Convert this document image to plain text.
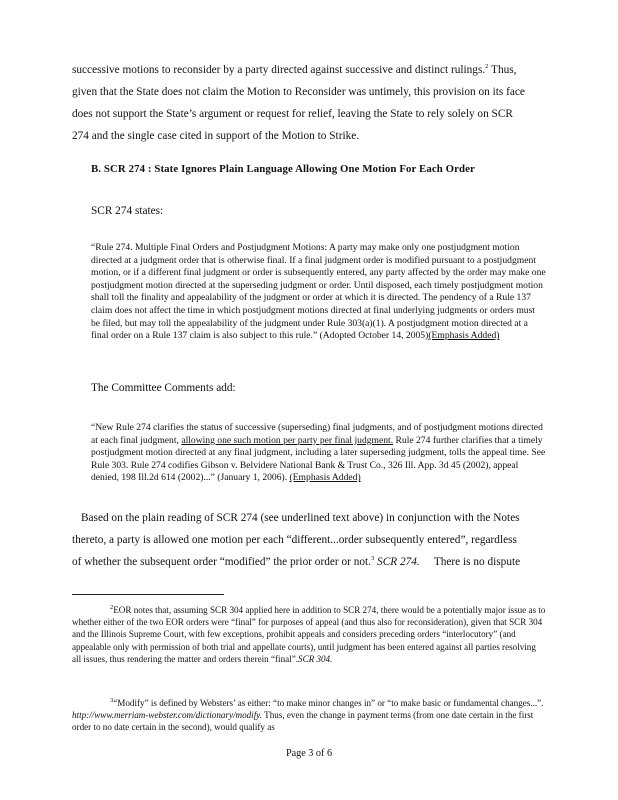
successive motions to reconsider by a party directed against successive and distinct rulings.$^2$ Thus,

given that the State does not claim the Motion to Reconsider was untimely, this provision on its face

does not support the State’s argument or request for relief, leaving the State to rely solely on SCR

274 and the single case cited in support of the Motion to Strike.

B. SCR 274 : State Ignores Plain Language Allowing One Motion For Each Order

SCR 274 states:

“Rule 274. Multiple Final Orders and Postjudgment Motions: A party may make only one postjudgment motion directed at a judgment order that is otherwise final. If a final judgment order is modified pursuant to a postjudgment motion, or if a different final judgment or order is subsequently entered, any party affected by the order may make one postjudgment motion directed at the superseding judgment or order. Until disposed, each timely postjudgment motion shall toll the finality and appealability of the judgment or order at which it is directed. The pendency of a Rule 137 claim does not affect the time in which postjudgment motions directed at final underlying judgments or orders must be filed, but may toll the appealability of the judgment under Rule 303(a)(1). A postjudgment motion directed at a final order on a Rule 137 claim is also subject to this rule.” (Adopted October 14, 2005)(Emphasis Added)

The Committee Comments add:

“New Rule 274 clarifies the status of successive (superseding) final judgments, and of postjudgment motions directed at each final judgment, allowing one such motion per party per final judgment. Rule 274 further clarifies that a timely postjudgment motion directed at any final judgment, including a later superseding judgment, tolls the appeal time. See Rule 303. Rule 274 codifies Gibson v. Belvidere National Bank & Trust Co., 326 Ill. App. 3d 45 (2002), appeal denied, 198 Ill.2d 614 (2002)...” (January 1, 2006). (Emphasis Added)

Based on the plain reading of SCR 274 (see underlined text above) in conjunction with the Notes

thereto, a party is allowed one motion per each “different...order subsequently entered”, regardless

of whether the subsequent order “modified” the prior order or not.$^3$ SCR 274. There is no dispute

$^2$EOR notes that, assuming SCR 304 applied here in addition to SCR 274, there would be a potentially major issue as to whether either of the two EOR orders were “final” for purposes of appeal (and thus also for reconsideration), given that SCR 304 and the Illinois Supreme Court, with few exceptions, prohibit appeals and considers preceding orders “interlocutory” (and appealable only with permission of both trial and appellate courts), until judgment has been entered against all parties resolving all issues, thus rendering the matter and orders therein “final”.SCR 304.

$^3$“Modify” is defined by Websters’ as either: “to make minor changes in” or “to make basic or fundamental changes...”. http://www.merriam-webster.com/dictionary/modify. Thus, even the change in payment terms (from one date certain in the first order to no date certain in the second), would qualify as

Page 3 of 6
